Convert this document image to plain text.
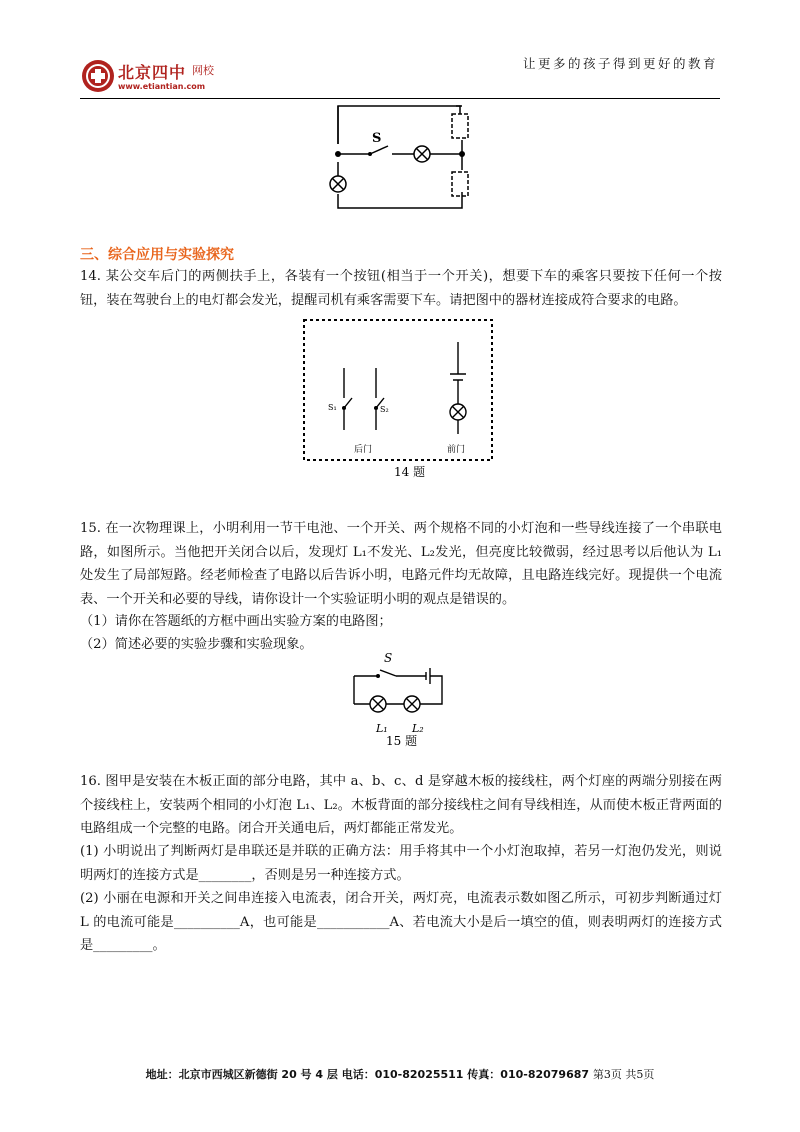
北京四中 网校
www.etiantian.com
让更多的孩子得到更好的教育
S
三、综合应用与实验探究
14. 某公交车后门的两侧扶手上，各装有一个按钮(相当于一个开关)，想要下车的乘客只要按下任何一个按钮，装在驾驶台上的电灯都会发光，提醒司机有乘客需要下车。请把图中的器材连接成符合要求的电路。
S₁	S₂
后门	前门
14 题
15. 在一次物理课上，小明利用一节干电池、一个开关、两个规格不同的小灯泡和一些导线连接了一个串联电路，如图所示。当他把开关闭合以后，发现灯 L₁不发光、L₂发光，但亮度比较微弱，经过思考以后他认为 L₁处发生了局部短路。经老师检查了电路以后告诉小明，电路元件均无故障，且电路连线完好。现提供一个电流表、一个开关和必要的导线，请你设计一个实验证明小明的观点是错误的。
（1）请你在答题纸的方框中画出实验方案的电路图；
（2）简述必要的实验步骤和实验现象。
S
L₁ L₂
15 题
16. 图甲是安装在木板正面的部分电路，其中 a、b、c、d 是穿越木板的接线柱，两个灯座的两端分别接在两个接线柱上，安装两个相同的小灯泡 L₁、L₂。木板背面的部分接线柱之间有导线相连，从而使木板正背两面的电路组成一个完整的电路。闭合开关通电后，两灯都能正常发光。
(1) 小明说出了判断两灯是串联还是并联的正确方法：用手将其中一个小灯泡取掉，若另一灯泡仍发光，则说明两灯的连接方式是________，否则是另一种连接方式。
(2) 小丽在电源和开关之间串连接入电流表，闭合开关，两灯亮，电流表示数如图乙所示，可初步判断通过灯 L 的电流可能是__________A，也可能是___________A、若电流大小是后一填空的值，则表明两灯的连接方式是_________。
地址：北京市西城区新德街 20 号 4 层 电话：010-82025511 传真：010-82079687 第3页 共5页
